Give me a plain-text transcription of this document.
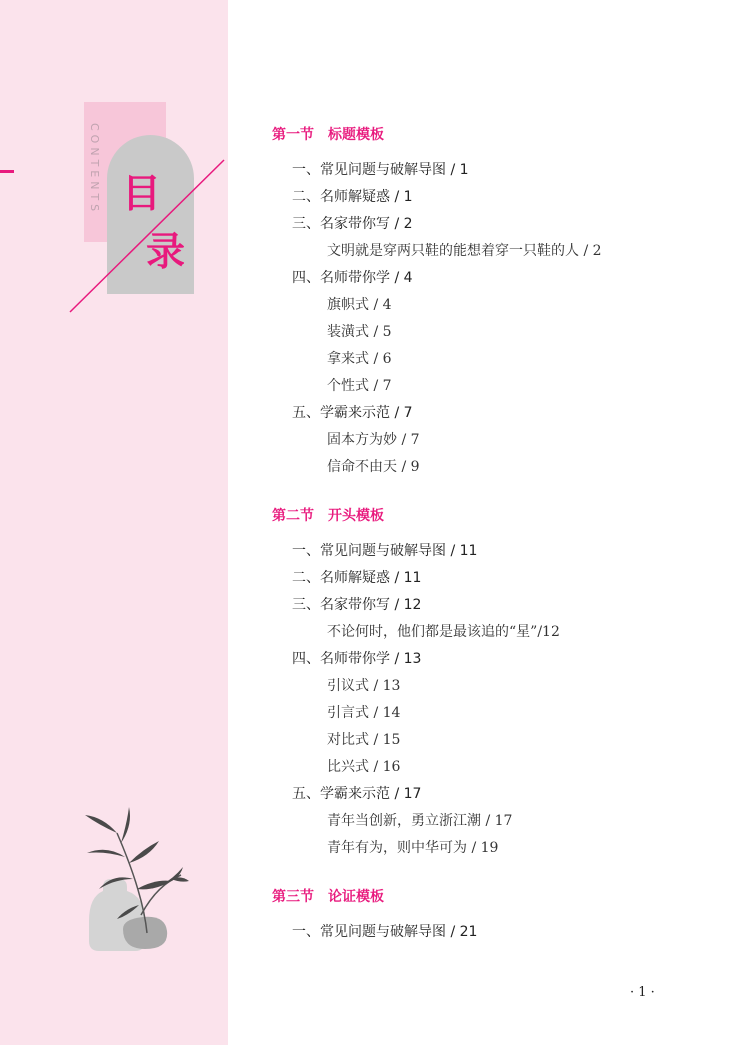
CONTENTS 目
录
第一节　标题模板
一、常见问题与破解导图 / 1
二、名师解疑惑 / 1
三、名家带你写 / 2
文明就是穿两只鞋的能想着穿一只鞋的人 / 2
四、名师带你学 / 4
旗帜式 / 4
装潢式 / 5
拿来式 / 6
个性式 / 7
五、学霸来示范 / 7
固本方为妙 / 7
信命不由天 / 9
第二节　开头模板
一、常见问题与破解导图 / 11
二、名师解疑惑 / 11
三、名家带你写 / 12
不论何时，他们都是最该追的“星”/12
四、名师带你学 / 13
引议式 / 13
引言式 / 14
对比式 / 15
比兴式 / 16
五、学霸来示范 / 17
青年当创新，勇立浙江潮 / 17
青年有为，则中华可为 / 19
第三节　论证模板
一、常见问题与破解导图 / 21
· 1 ·
